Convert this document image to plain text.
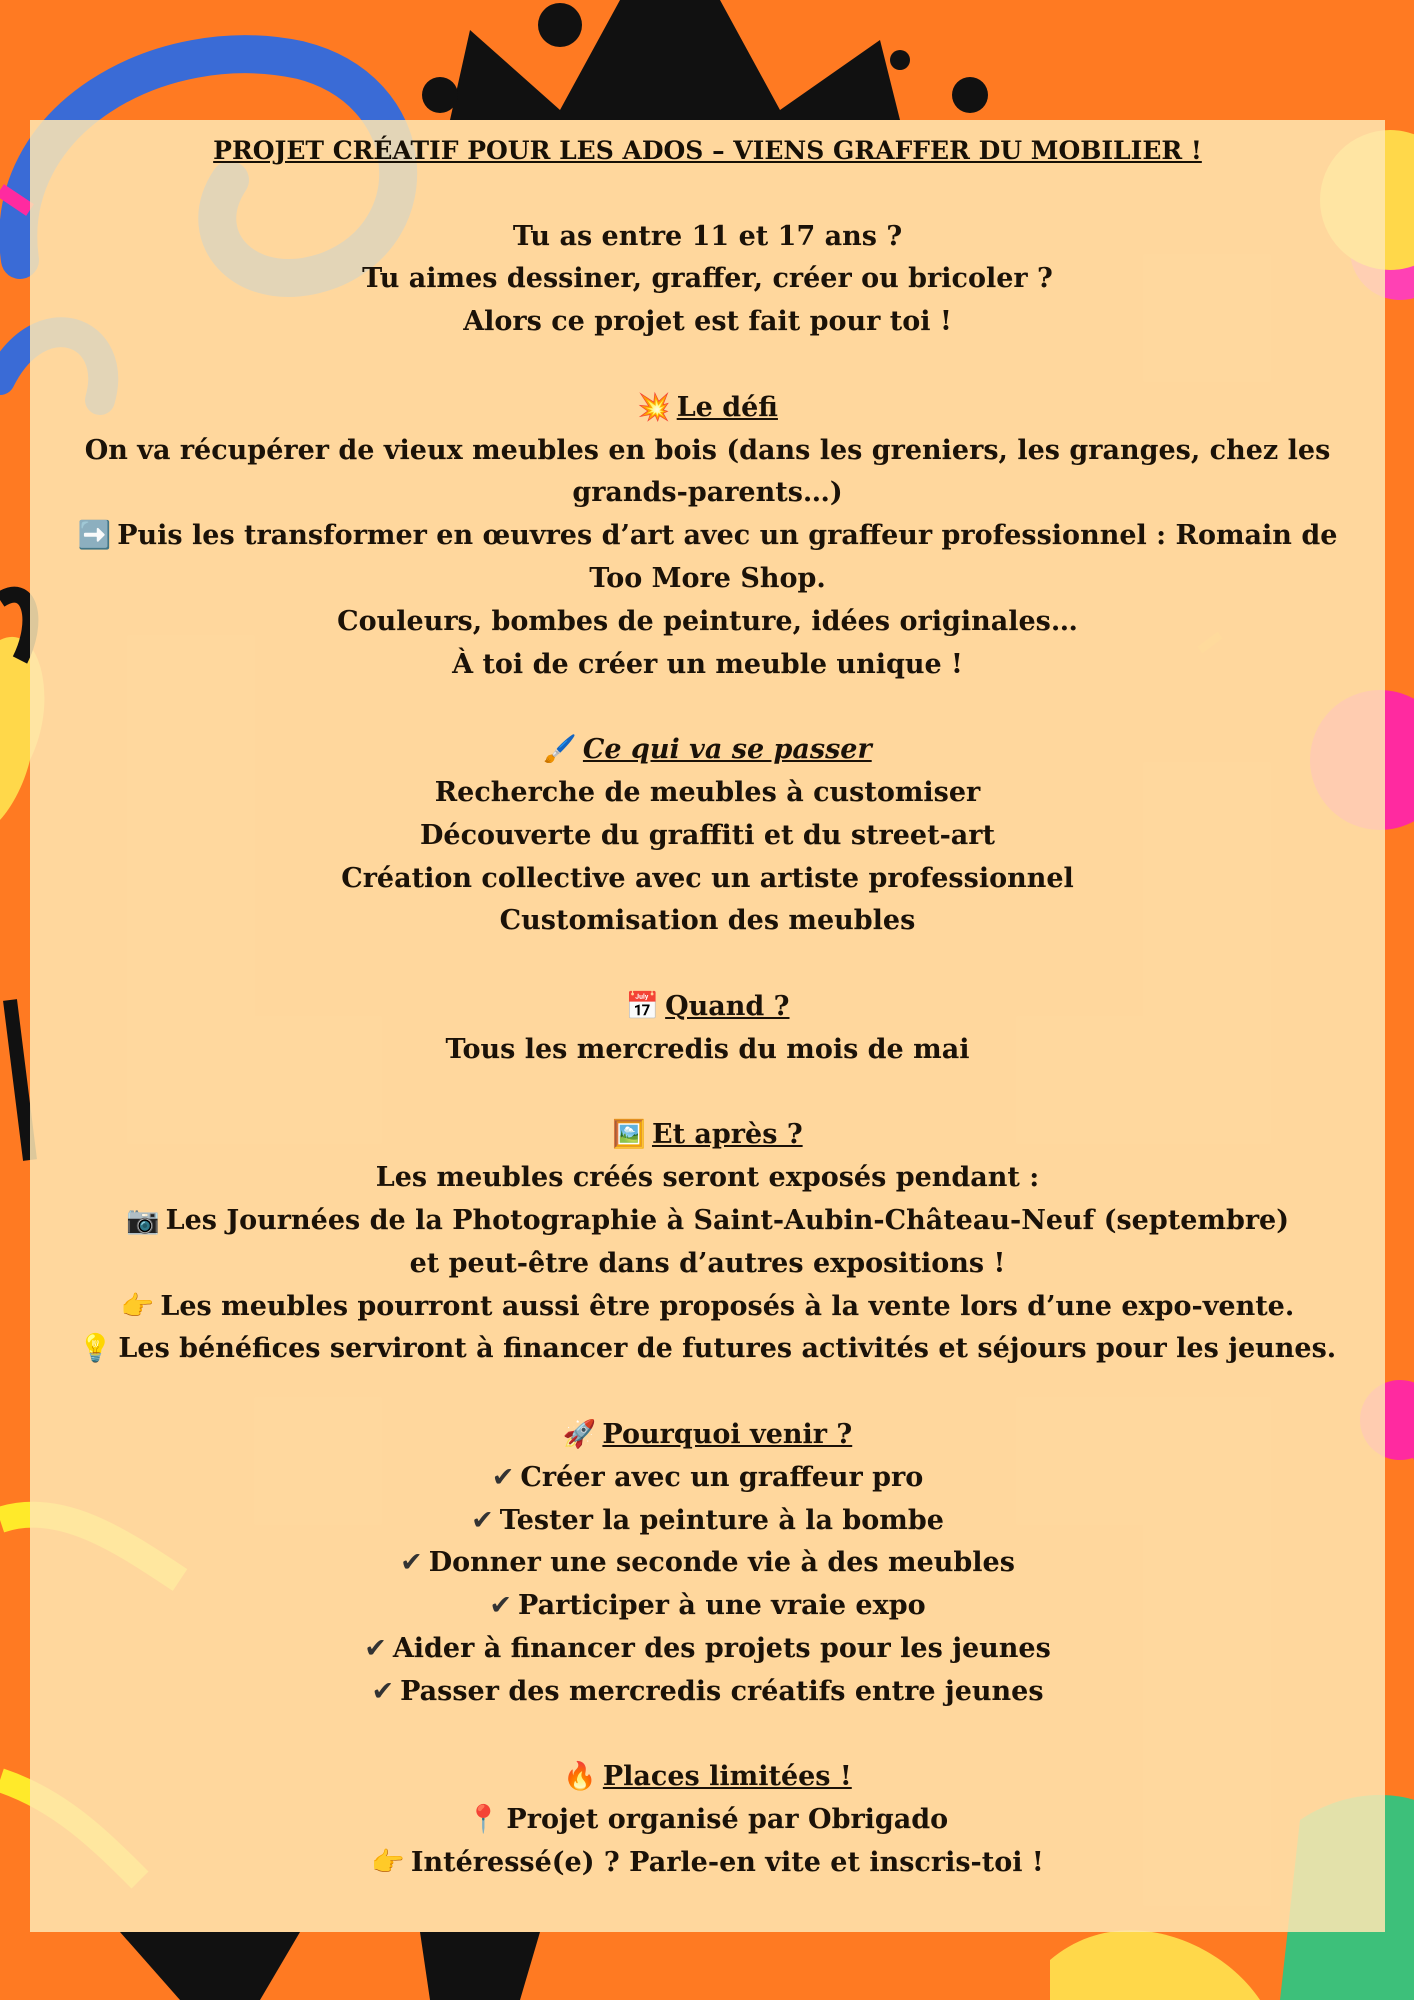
PROJET CRÉATIF POUR LES ADOS – VIENS GRAFFER DU MOBILIER !
Tu as entre 11 et 17 ans ?
Tu aimes dessiner, graffer, créer ou bricoler ?
Alors ce projet est fait pour toi !
💥 Le défi
On va récupérer de vieux meubles en bois (dans les greniers, les granges, chez les grands-parents…)
➡️ Puis les transformer en œuvres d’art avec un graffeur professionnel : Romain de Too More Shop.
Couleurs, bombes de peinture, idées originales…
À toi de créer un meuble unique !
🖌️ Ce qui va se passer
Recherche de meubles à customiser
Découverte du graffiti et du street-art
Création collective avec un artiste professionnel
Customisation des meubles
📅 Quand ?
Tous les mercredis du mois de mai
🖼️ Et après ?
Les meubles créés seront exposés pendant :
📷 Les Journées de la Photographie à Saint-Aubin-Château-Neuf (septembre)
et peut-être dans d’autres expositions !
👉 Les meubles pourront aussi être proposés à la vente lors d’une expo-vente.
💡 Les bénéfices serviront à financer de futures activités et séjours pour les jeunes.
🚀 Pourquoi venir ?
✔ Créer avec un graffeur pro
✔ Tester la peinture à la bombe
✔ Donner une seconde vie à des meubles
✔ Participer à une vraie expo
✔ Aider à financer des projets pour les jeunes
✔ Passer des mercredis créatifs entre jeunes
🔥 Places limitées !
📍 Projet organisé par Obrigado
👉 Intéressé(e) ? Parle-en vite et inscris-toi !
